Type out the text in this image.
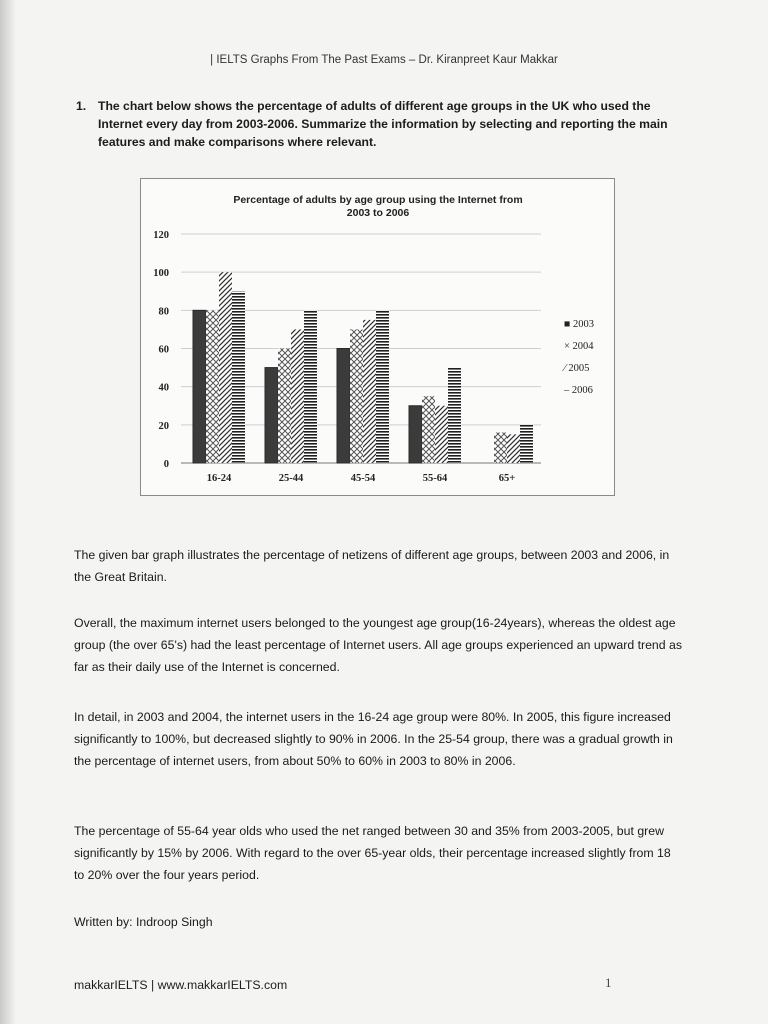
| IELTS Graphs From The Past Exams – Dr. Kiranpreet Kaur Makkar
1. The chart below shows the percentage of adults of different age groups in the UK who used the Internet every day from 2003-2006. Summarize the information by selecting and reporting the main features and make comparisons where relevant.
Percentage of adults by age group using the Internet from
2003 to 2006
0
20
40
60
80
100
120
16-24	25-44	45-54	55-64	65+
■ 2003
× 2004
⁄ 2005
– 2006
The given bar graph illustrates the percentage of netizens of different age groups, between 2003 and 2006, in the Great Britain.
Overall, the maximum internet users belonged to the youngest age group(16-24years), whereas the oldest age group (the over 65's) had the least percentage of Internet users. All age groups experienced an upward trend as far as their daily use of the Internet is concerned.
In detail, in 2003 and 2004, the internet users in the 16-24 age group were 80%. In 2005, this figure increased significantly to 100%, but decreased slightly to 90% in 2006. In the 25-54 group, there was a gradual growth in the percentage of internet users, from about 50% to 60% in 2003 to 80% in 2006.
The percentage of 55-64 year olds who used the net ranged between 30 and 35% from 2003-2005, but grew significantly by 15% by 2006. With regard to the over 65-year olds, their percentage increased slightly from 18 to 20% over the four years period.
Written by: Indroop Singh
makkarIELTS | www.makkarIELTS.com	1
